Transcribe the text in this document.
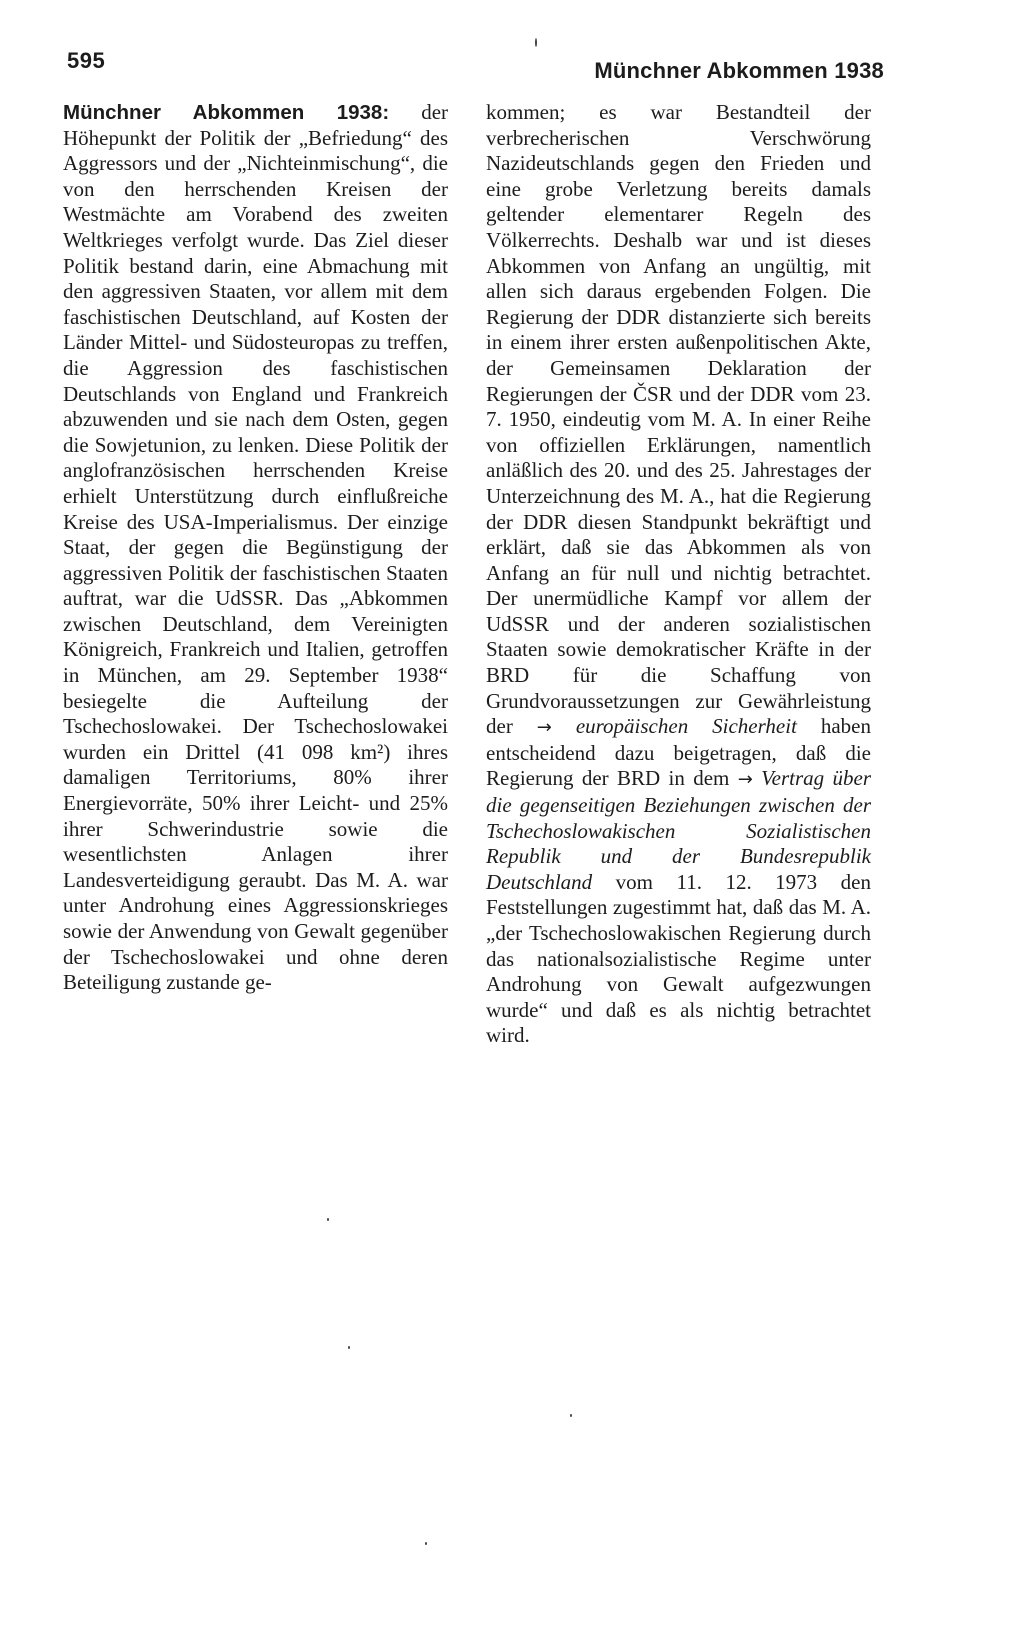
595	Münchner Abkommen 1938

Münchner Abkommen 1938: der Höhepunkt der Politik der „Befriedung“ des Aggressors und der „Nichteinmischung“, die von den herrschenden Kreisen der Westmächte am Vorabend des zweiten Weltkrieges verfolgt wurde. Das Ziel dieser Politik bestand darin, eine Abmachung mit den aggressiven Staaten, vor allem mit dem faschistischen Deutschland, auf Kosten der Länder Mittel- und Südosteuropas zu treffen, die Aggression des faschistischen Deutschlands von England und Frankreich abzuwenden und sie nach dem Osten, gegen die Sowjetunion, zu lenken. Diese Politik der anglofranzösischen herrschenden Kreise erhielt Unterstützung durch einflußreiche Kreise des USA-Imperialismus. Der einzige Staat, der gegen die Begünstigung der aggressiven Politik der faschistischen Staaten auftrat, war die UdSSR. Das „Abkommen zwischen Deutschland, dem Vereinigten Königreich, Frankreich und Italien, getroffen in München, am 29. September 1938“ besiegelte die Aufteilung der Tschechoslowakei. Der Tschechoslowakei wurden ein Drittel (41 098 km²) ihres damaligen Territoriums, 80% ihrer Energievorräte, 50% ihrer Leicht- und 25% ihrer Schwerindustrie sowie die wesentlichsten Anlagen ihrer Landesverteidigung geraubt. Das M. A. war unter Androhung eines Aggressionskrieges sowie der Anwendung von Gewalt gegenüber der Tschechoslowakei und ohne deren Beteiligung zustande ge-

kommen; es war Bestandteil der verbrecherischen Verschwörung Nazideutschlands gegen den Frieden und eine grobe Verletzung bereits damals geltender elementarer Regeln des Völkerrechts. Deshalb war und ist dieses Abkommen von Anfang an ungültig, mit allen sich daraus ergebenden Folgen. Die Regierung der DDR distanzierte sich bereits in einem ihrer ersten außenpolitischen Akte, der Gemeinsamen Deklaration der Regierungen der ČSR und der DDR vom 23. 7. 1950, eindeutig vom M. A. In einer Reihe von offiziellen Erklärungen, namentlich anläßlich des 20. und des 25. Jahrestages der Unterzeichnung des M. A., hat die Regierung der DDR diesen Standpunkt bekräftigt und erklärt, daß sie das Abkommen als von Anfang an für null und nichtig betrachtet. Der unermüdliche Kampf vor allem der UdSSR und der anderen sozialistischen Staaten sowie demokratischer Kräfte in der BRD für die Schaffung von Grundvoraussetzungen zur Gewährleistung der → europäischen Sicherheit haben entscheidend dazu beigetragen, daß die Regierung der BRD in dem → Vertrag über die gegenseitigen Beziehungen zwischen der Tschechoslowakischen Sozialistischen Republik und der Bundesrepublik Deutschland vom 11. 12. 1973 den Feststellungen zugestimmt hat, daß das M. A. „der Tschechoslowakischen Regierung durch das nationalsozialistische Regime unter Androhung von Gewalt aufgezwungen wurde“ und daß es als nichtig betrachtet wird.
